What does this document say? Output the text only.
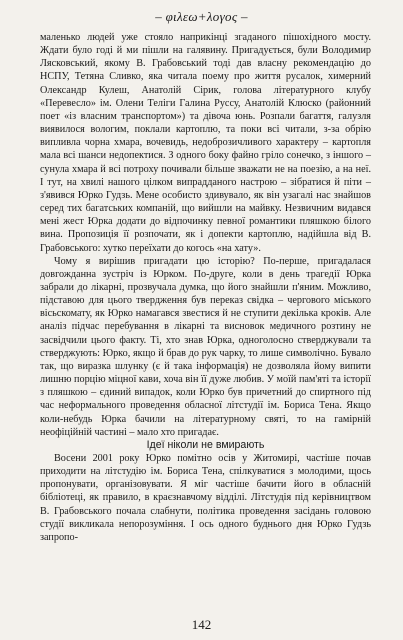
– φιλεω+λογος –

маленько людей уже стояло наприкінці згаданого пішохідного мосту. Ждати було годі й ми пішли на галявину. Пригадується, були Володимир Лясковський, якому В. Грабовський тоді дав власну рекомендацію до НСПУ, Тетяна Сливко, яка читала поему про життя русалок, химерний Олександр Кулеш, Анатолій Сірик, голова літературного клубу «Перевесло» ім. Олени Теліги Галина Руссу, Анатолій Клюско (районний поет «із власним транспортом») та дівоча юнь. Розпали багаття, галузля виявилося вологим, поклали картоплю, та поки всі читали, з-за обрію випливла чорна хмара, вочевидь, недоброзичливого характеру – картопля мала всі шанси недопектися. З одного боку файно гріло сонечко, з іншого – сунула хмара й всі потроху почивали більше зважати не на поезію, а на неї. І тут, на хвилі нашого цілком випрадданого настрою – зібратися й піти – з'явився Юрко Гудзь. Мене особисто здивувало, як він узагалі нас знайшов серед тих багатських компаній, що вийшли на майвку. Незвичним видався мені жест Юрка додати до відпочинку певної романтики пляшкою білого вина. Пропозиція її розпочати, як і допекти картоплю, надійшла від В. Грабовського: хутко переїхати до когось «на хату».

Чому я вирішив пригадати цю історію? По-перше, пригадалася довгожданна зустріч із Юрком. По-друге, коли в день трагедії Юрка забрали до лікарні, прозвучала думка, що його знайшли п'яним. Можливо, підставою для цього твердження був переказ свідка – чергового міського вісьскомату, як Юрко намагався звестися й не ступити декілька кроків. Але аналіз підчас перебування в лікарні та висновок медичного розтину не засвідчили цього факту. Ті, хто знав Юрка, одноголосно стверджували та стверджують: Юрко, якщо й брав до рук чарку, то лише символічно. Бувало так, що виразка шлунку (є й така інформація) не дозволяла йому випити лишню порцію міцної кави, хоча він її дуже любив. У моїй пам'яті та історії з пляшкою – єдиний випадок, коли Юрко був причетний до спиртного під час неформального проведення обласної літстудії ім. Бориса Тена. Якщо коли-небудь Юрка бачили на літературному святі, то на гамірній неофіційній частині – мало хто пригадає.

Ідеї ніколи не вмирають

Восени 2001 року Юрко помітно осів у Житомирі, частіше почав приходити на літстудію ім. Бориса Тена, спілкуватися з молодими, щось пропонувати, організовувати. Я міг частіше бачити його в обласній бібліотеці, як правило, в краєзнавчому відділі. Літстудія під керівництвом В. Грабовського почала слабнути, політика проведення засідань головою студії викликала непорозуміння. І ось одного буднього дня Юрко Гудзь запропо-

142
